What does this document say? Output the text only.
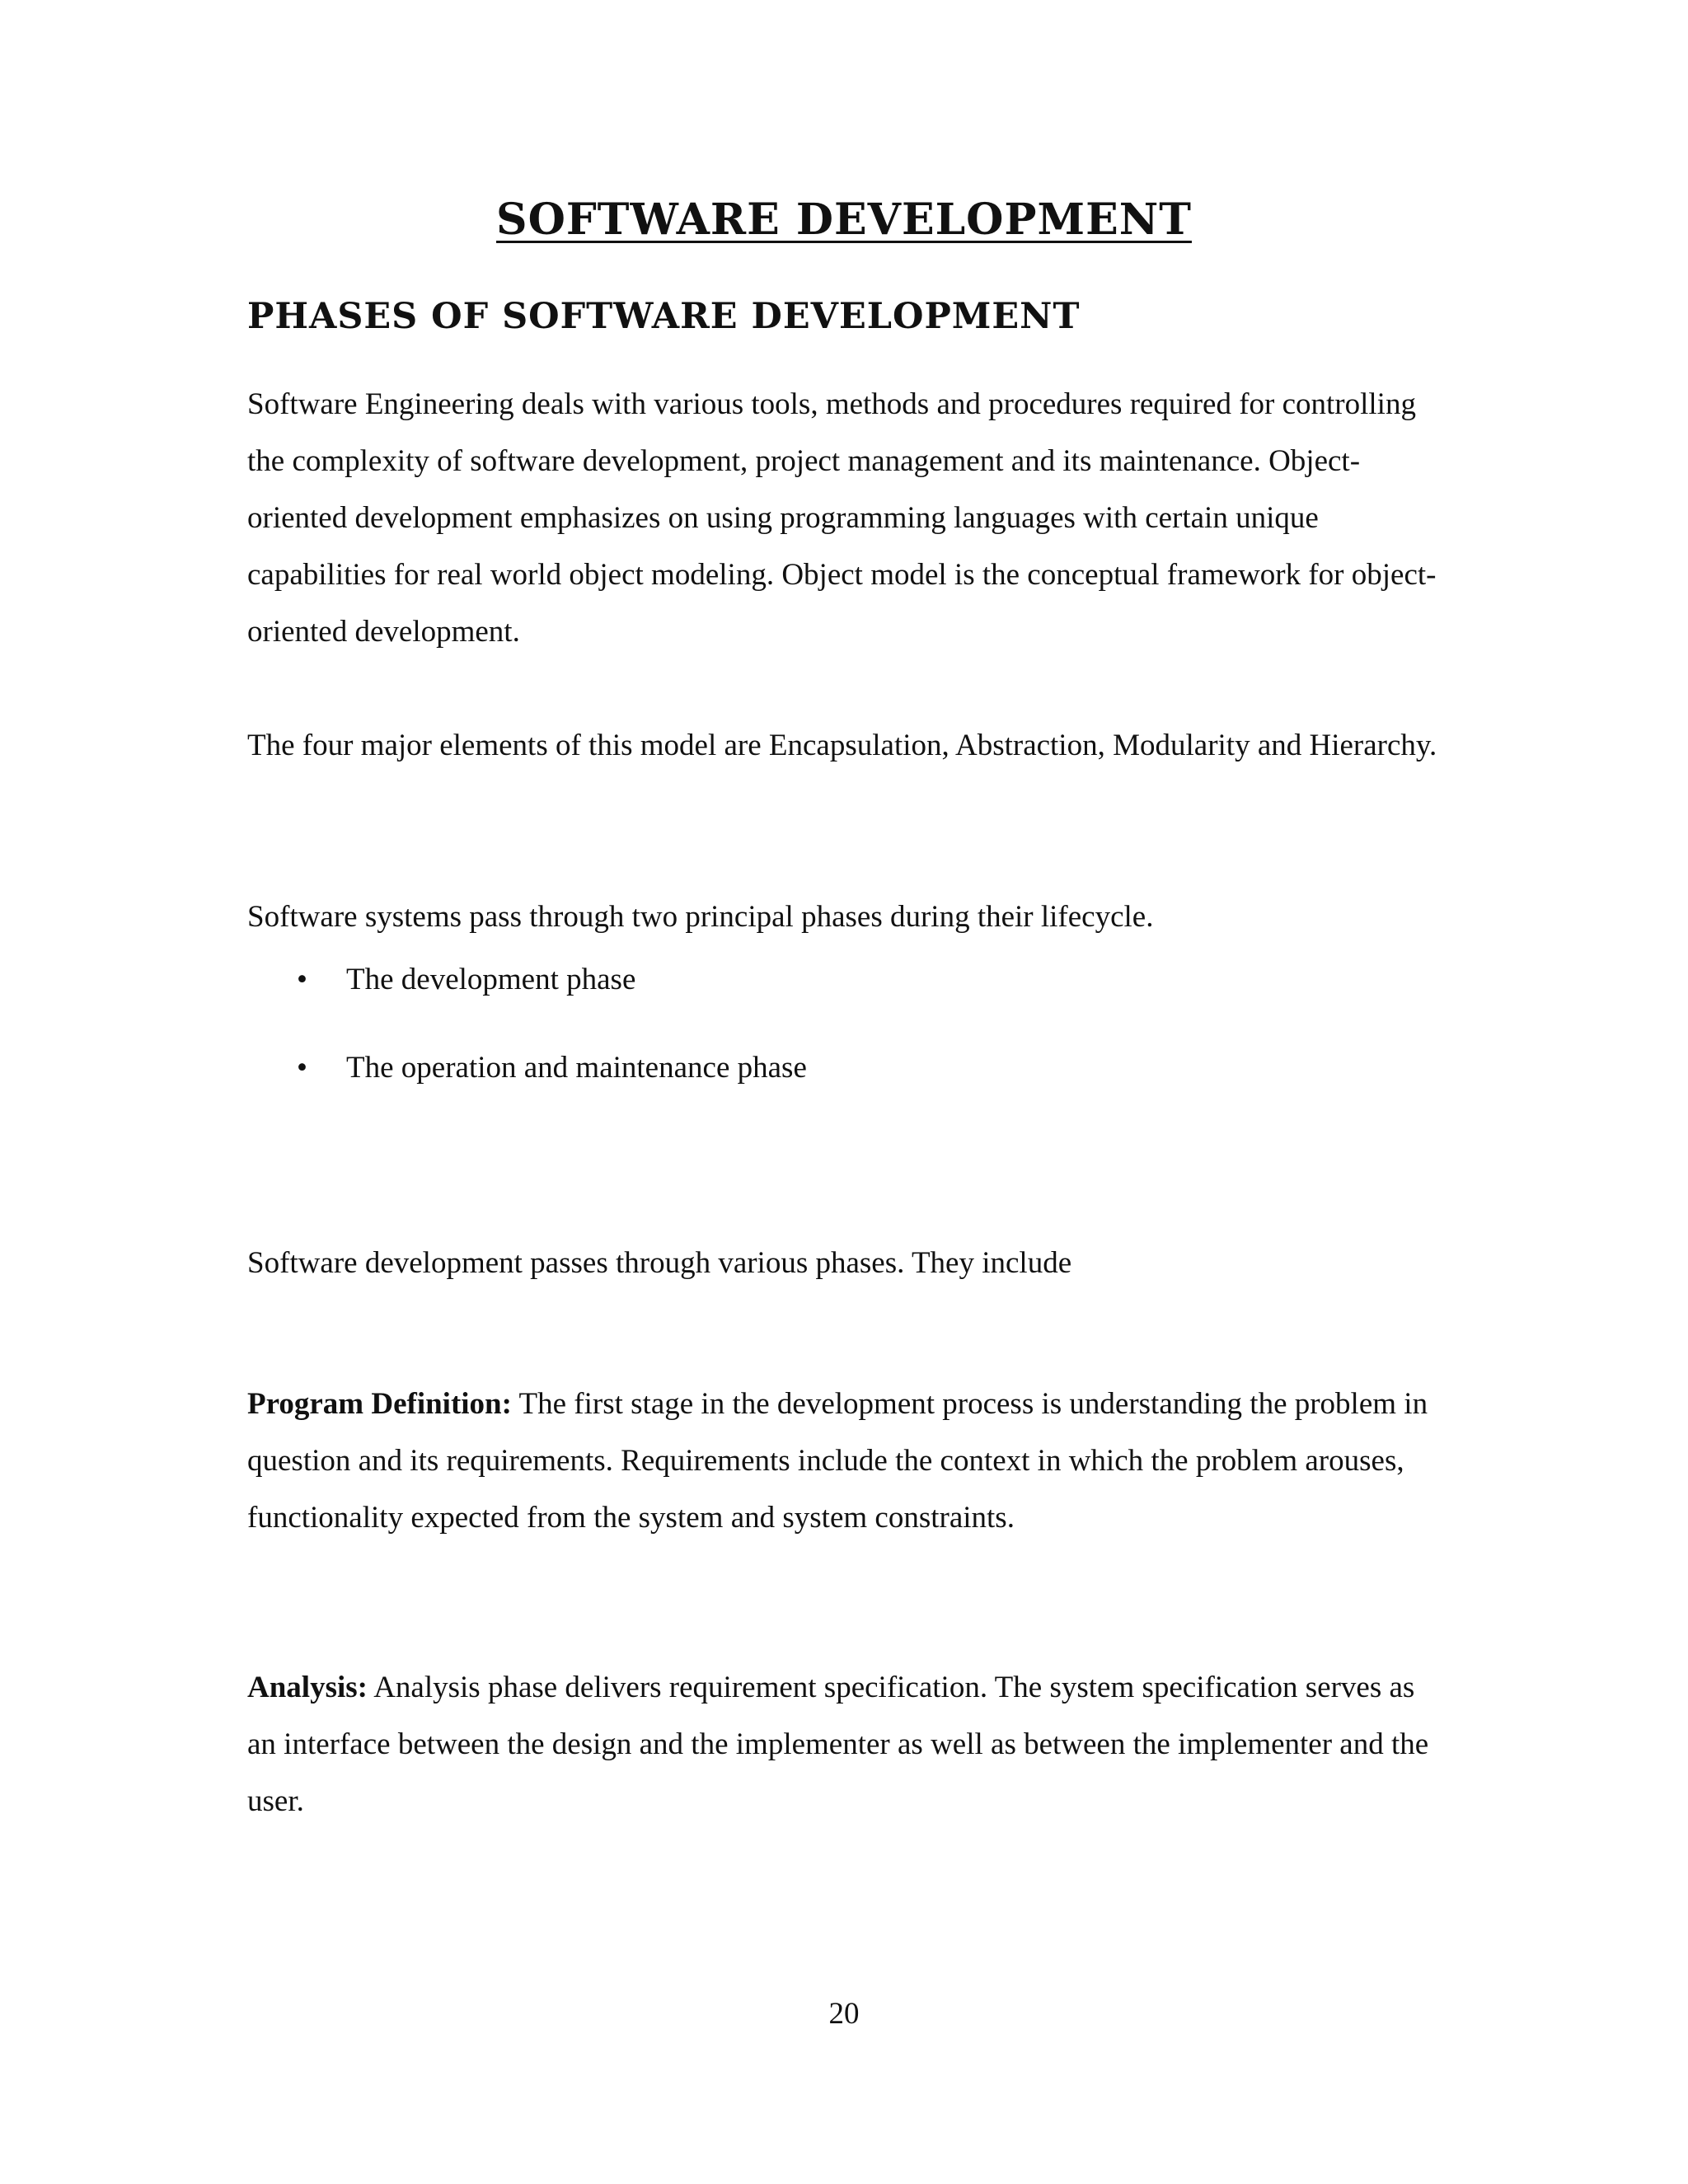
SOFTWARE DEVELOPMENT
PHASES OF SOFTWARE DEVELOPMENT

Software Engineering deals with various tools, methods and procedures required for controlling the complexity of software development, project management and its maintenance. Object-oriented development emphasizes on using programming languages with certain unique capabilities for real world object modeling. Object model is the conceptual framework for object-oriented development.

The four major elements of this model are Encapsulation, Abstraction, Modularity and Hierarchy.

Software systems pass through two principal phases during their lifecycle.

• The development phase
• The operation and maintenance phase

Software development passes through various phases. They include

Program Definition: The first stage in the development process is understanding the problem in question and its requirements. Requirements include the context in which the problem arouses, functionality expected from the system and system constraints.

Analysis: Analysis phase delivers requirement specification. The system specification serves as an interface between the design and the implementer as well as between the implementer and the user.

20
